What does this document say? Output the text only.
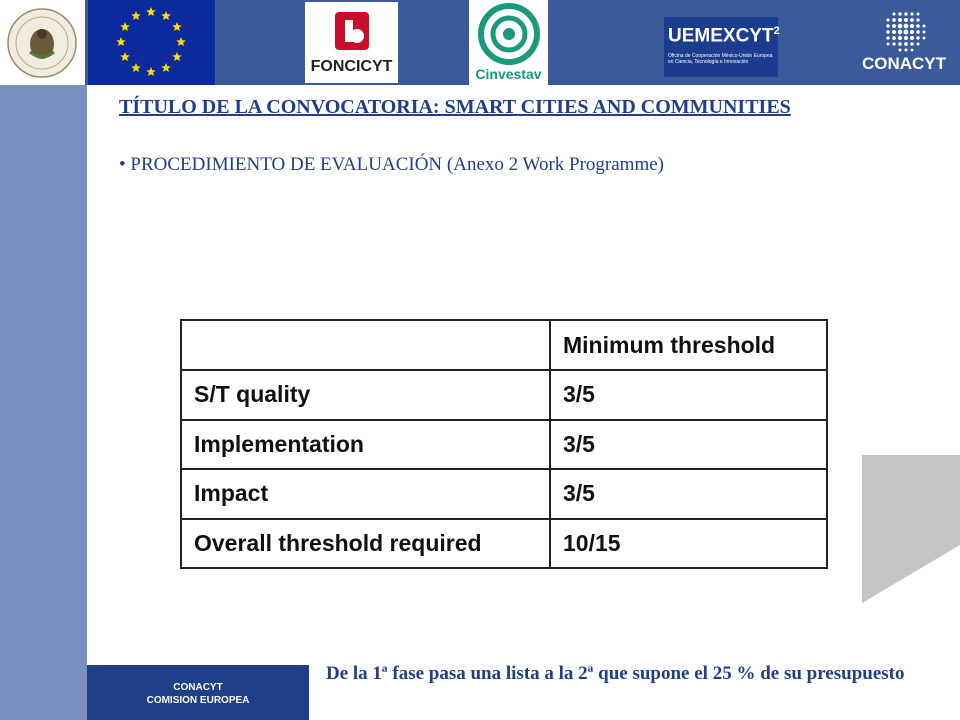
FONCICYT	Cinvestav
UEMEXCYT$^2$
Oficina de Cooperación México-Unión Europea en Ciencia, Tecnología e Innovación	CONACYT
TÍTULO DE LA CONVOCATORIA: SMART CITIES AND COMMUNITIES
• PROCEDIMIENTO DE EVALUACIÓN (Anexo 2 Work Programme)
	Minimum threshold
S/T quality	3/5
Implementation	3/5
Impact	3/5
Overall threshold required	10/15
CONACYT
COMISION EUROPEA
De la 1ª fase pasa una lista a la 2ª que supone el 25 % de su presupuesto
